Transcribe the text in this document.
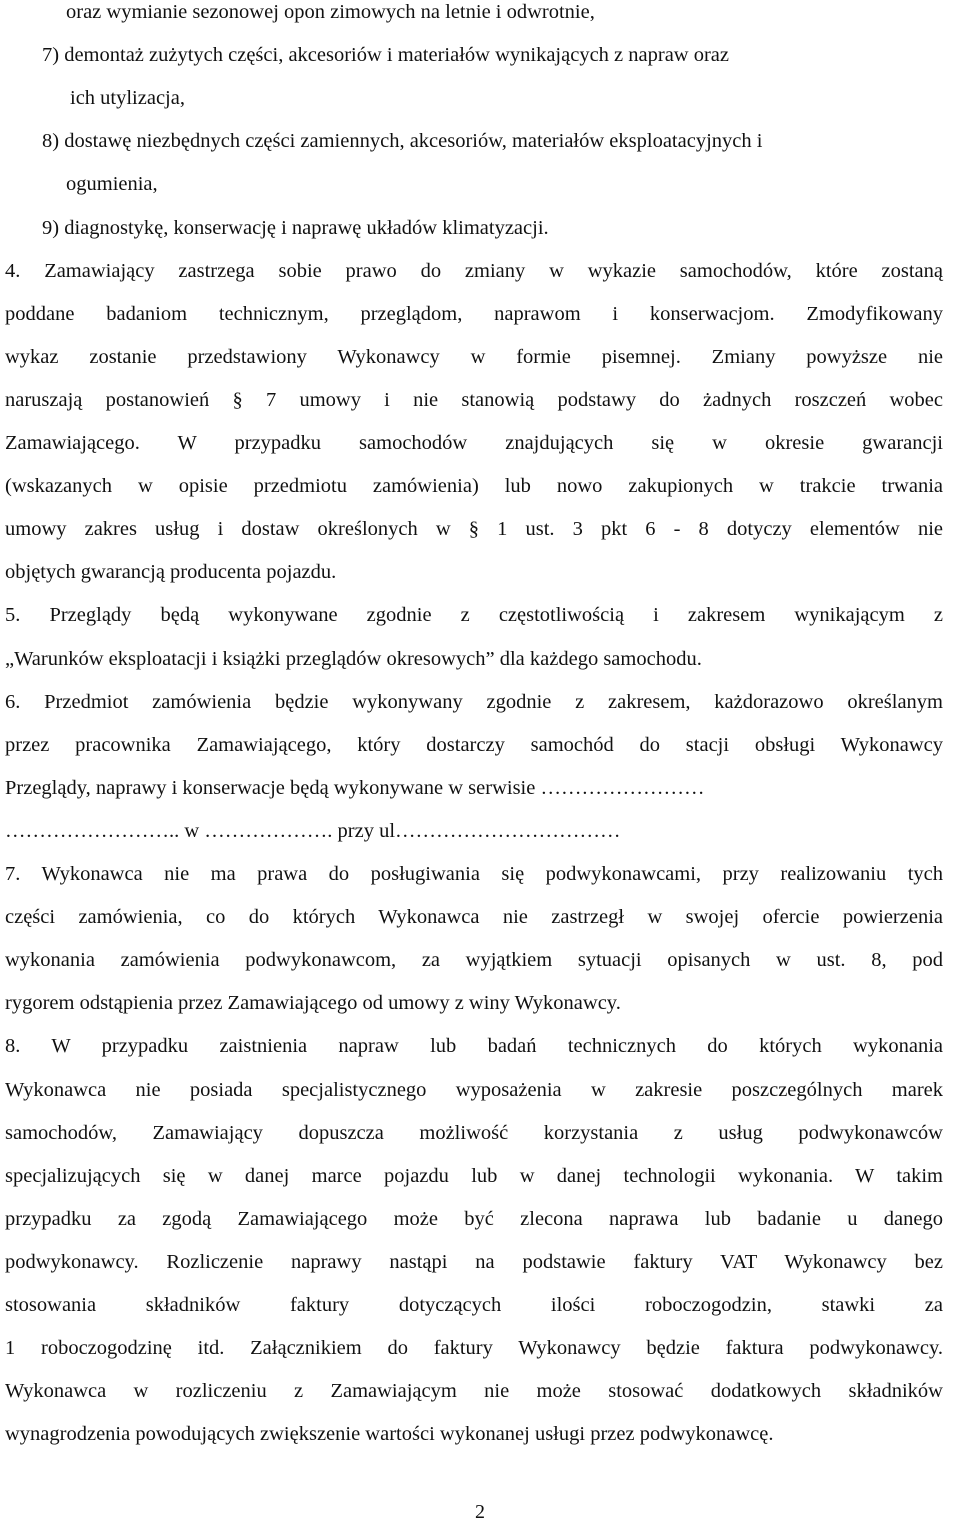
oraz wymianie sezonowej opon zimowych na letnie i odwrotnie,
7) demontaż zużytych części, akcesoriów i materiałów wynikających z napraw oraz
ich utylizacja,
8) dostawę niezbędnych części zamiennych, akcesoriów, materiałów eksploatacyjnych i
ogumienia,
9) diagnostykę, konserwację i naprawę układów klimatyzacji.
4. Zamawiający zastrzega sobie prawo do zmiany w wykazie samochodów, które zostaną
poddane badaniom technicznym, przeglądom, naprawom i konserwacjom. Zmodyfikowany
wykaz zostanie przedstawiony Wykonawcy w formie pisemnej. Zmiany powyższe nie
naruszają postanowień § 7 umowy i nie stanowią podstawy do żadnych roszczeń wobec
Zamawiającego. W przypadku samochodów znajdujących się w okresie gwarancji
(wskazanych w opisie przedmiotu zamówienia) lub nowo zakupionych w trakcie trwania
umowy zakres usług i dostaw określonych w § 1 ust. 3 pkt 6 - 8 dotyczy elementów nie
objętych gwarancją producenta pojazdu.
5. Przeglądy będą wykonywane zgodnie z częstotliwością i zakresem wynikającym z
„Warunków eksploatacji i książki przeglądów okresowych” dla każdego samochodu.
6. Przedmiot zamówienia będzie wykonywany zgodnie z zakresem, każdorazowo określanym
przez pracownika Zamawiającego, który dostarczy samochód do stacji obsługi Wykonawcy
Przeglądy, naprawy i konserwacje będą wykonywane w serwisie ……………………
…………………….. w ………………. przy ul……………………………
7. Wykonawca nie ma prawa do posługiwania się podwykonawcami, przy realizowaniu tych
części zamówienia, co do których Wykonawca nie zastrzegł w swojej ofercie powierzenia
wykonania zamówienia podwykonawcom, za wyjątkiem sytuacji opisanych w ust. 8, pod
rygorem odstąpienia przez Zamawiającego od umowy z winy Wykonawcy.
8. W przypadku zaistnienia napraw lub badań technicznych do których wykonania
Wykonawca nie posiada specjalistycznego wyposażenia w zakresie poszczególnych marek
samochodów, Zamawiający dopuszcza możliwość korzystania z usług podwykonawców
specjalizujących się w danej marce pojazdu lub w danej technologii wykonania. W takim
przypadku za zgodą Zamawiającego może być zlecona naprawa lub badanie u danego
podwykonawcy. Rozliczenie naprawy nastąpi na podstawie faktury VAT Wykonawcy bez
stosowania składników faktury dotyczących ilości roboczogodzin, stawki za
1 roboczogodzinę itd. Załącznikiem do faktury Wykonawcy będzie faktura podwykonawcy.
Wykonawca w rozliczeniu z Zamawiającym nie może stosować dodatkowych składników
wynagrodzenia powodujących zwiększenie wartości wykonanej usługi przez podwykonawcę.
2
